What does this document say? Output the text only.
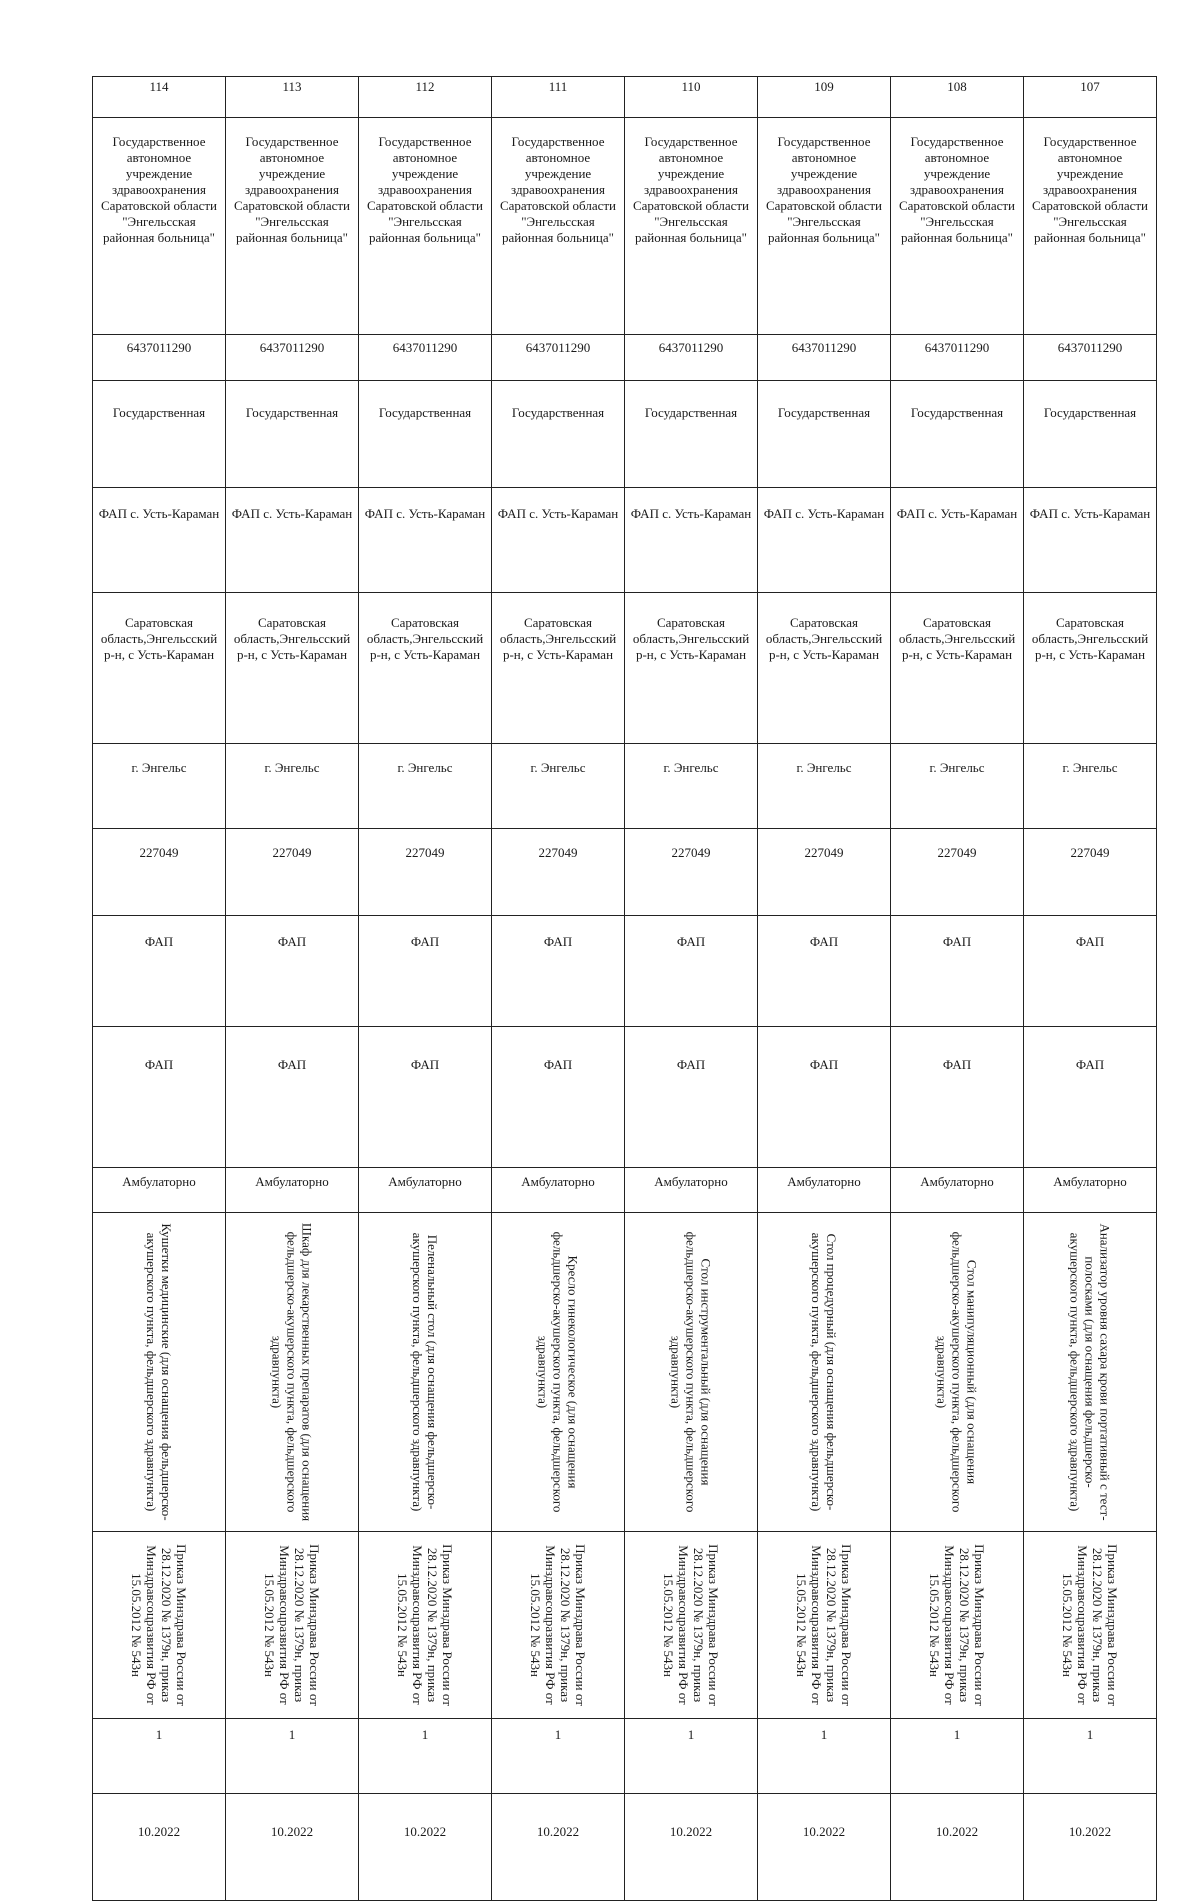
114	113	112	111	110	109	108	107
Государственное автономное учреждение здравоохранения Саратовской области "Энгельсская районная больница"	Государственное автономное учреждение здравоохранения Саратовской области "Энгельсская районная больница"	Государственное автономное учреждение здравоохранения Саратовской области "Энгельсская районная больница"	Государственное автономное учреждение здравоохранения Саратовской области "Энгельсская районная больница"	Государственное автономное учреждение здравоохранения Саратовской области "Энгельсская районная больница"	Государственное автономное учреждение здравоохранения Саратовской области "Энгельсская районная больница"	Государственное автономное учреждение здравоохранения Саратовской области "Энгельсская районная больница"	Государственное автономное учреждение здравоохранения Саратовской области "Энгельсская районная больница"
6437011290	6437011290	6437011290	6437011290	6437011290	6437011290	6437011290	6437011290
Государственная	Государственная	Государственная	Государственная	Государственная	Государственная	Государственная	Государственная
ФАП с. Усть-Караман	ФАП с. Усть-Караман	ФАП с. Усть-Караман	ФАП с. Усть-Караман	ФАП с. Усть-Караман	ФАП с. Усть-Караман	ФАП с. Усть-Караман	ФАП с. Усть-Караман
Саратовская область,Энгельсский р-н, с Усть-Караман	Саратовская область,Энгельсский р-н, с Усть-Караман	Саратовская область,Энгельсский р-н, с Усть-Караман	Саратовская область,Энгельсский р-н, с Усть-Караман	Саратовская область,Энгельсский р-н, с Усть-Караман	Саратовская область,Энгельсский р-н, с Усть-Караман	Саратовская область,Энгельсский р-н, с Усть-Караман	Саратовская область,Энгельсский р-н, с Усть-Караман
г. Энгельс	г. Энгельс	г. Энгельс	г. Энгельс	г. Энгельс	г. Энгельс	г. Энгельс	г. Энгельс
227049	227049	227049	227049	227049	227049	227049	227049
ФАП	ФАП	ФАП	ФАП	ФАП	ФАП	ФАП	ФАП
ФАП	ФАП	ФАП	ФАП	ФАП	ФАП	ФАП	ФАП
Амбулаторно	Амбулаторно	Амбулаторно	Амбулаторно	Амбулаторно	Амбулаторно	Амбулаторно	Амбулаторно

Кушетки медицинские (для оснащения фельдшерско-акушерского пункта, фельдшерского здравпункта)	Шкаф для лекарственных препаратов (для оснащения фельдшерско-акушерского пункта, фельдшерского здравпункта)	Пеленальный стол (для оснащения фельдшерско-акушерского пункта, фельдшерского здравпункта)	Кресло гинекологическое (для оснащения фельдшерско-акушерского пункта, фельдшерского здравпункта)	Стол инструментальный (для оснащения фельдшерско-акушерского пункта, фельдшерского здравпункта)	Стол процедурный (для оснащения фельдшерско-акушерского пункта, фельдшерского здравпункта)	Стол манипуляционный (для оснащения фельдшерско-акушерского пункта, фельдшерского здравпункта)	Анализатор уровня сахара крови портативный с тест-полосками (для оснащения фельдшерско-акушерского пункта, фельдшерского здравпункта)

Приказ Минздрава России от 28.12.2020 № 1379н, приказ Минздравсоцразвития РФ от 15.05.2012 № 543н	Приказ Минздрава России от 28.12.2020 № 1379н, приказ Минздравсоцразвития РФ от 15.05.2012 № 543н	Приказ Минздрава России от 28.12.2020 № 1379н, приказ Минздравсоцразвития РФ от 15.05.2012 № 543н	Приказ Минздрава России от 28.12.2020 № 1379н, приказ Минздравсоцразвития РФ от 15.05.2012 № 543н	Приказ Минздрава России от 28.12.2020 № 1379н, приказ Минздравсоцразвития РФ от 15.05.2012 № 543н	Приказ Минздрава России от 28.12.2020 № 1379н, приказ Минздравсоцразвития РФ от 15.05.2012 № 543н	Приказ Минздрава России от 28.12.2020 № 1379н, приказ Минздравсоцразвития РФ от 15.05.2012 № 543н	Приказ Минздрава России от 28.12.2020 № 1379н, приказ Минздравсоцразвития РФ от 15.05.2012 № 543н

1	1	1	1	1	1	1	1
10.2022	10.2022	10.2022	10.2022	10.2022	10.2022	10.2022	10.2022
